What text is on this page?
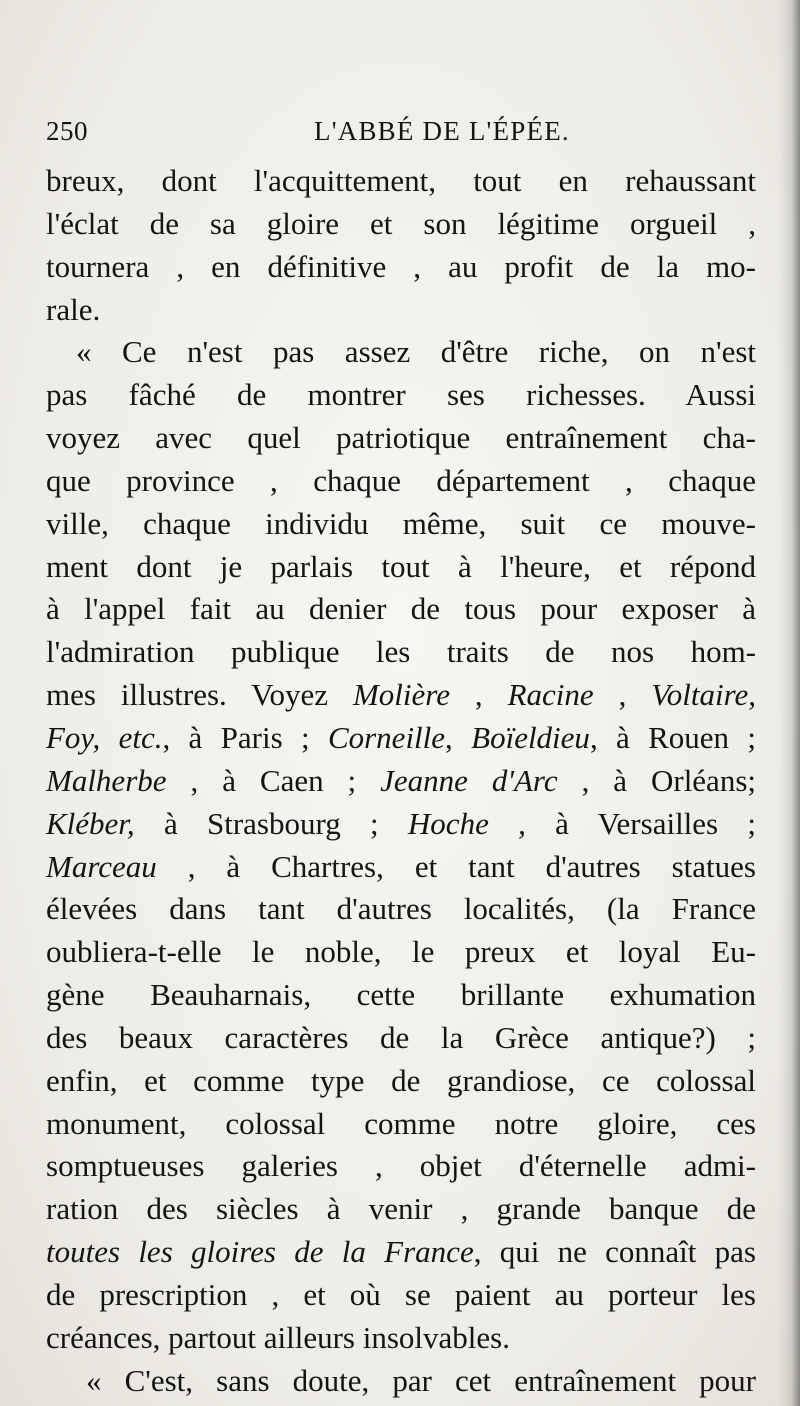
250	L'ABBÉ DE L'ÉPÉE.
breux, dont l'acquittement, tout en rehaussant
l'éclat de sa gloire et son légitime orgueil ,
tournera , en définitive , au profit de la mo-
rale.
« Ce n'est pas assez d'être riche, on n'est
pas fâché de montrer ses richesses. Aussi
voyez avec quel patriotique entraînement cha-
que province , chaque département , chaque
ville, chaque individu même, suit ce mouve-
ment dont je parlais tout à l'heure, et répond
à l'appel fait au denier de tous pour exposer à
l'admiration publique les traits de nos hom-
mes illustres. Voyez Molière , Racine , Voltaire,
Foy, etc., à Paris ; Corneille, Boïeldieu, à Rouen ;
Malherbe , à Caen ; Jeanne d'Arc , à Orléans;
Kléber, à Strasbourg ; Hoche , à Versailles ;
Marceau , à Chartres, et tant d'autres statues
élevées dans tant d'autres localités, (la France
oubliera-t-elle le noble, le preux et loyal Eu-
gène Beauharnais, cette brillante exhumation
des beaux caractères de la Grèce antique?) ;
enfin, et comme type de grandiose, ce colossal
monument, colossal comme notre gloire, ces
somptueuses galeries , objet d'éternelle admi-
ration des siècles à venir , grande banque de
toutes les gloires de la France, qui ne connaît pas
de prescription , et où se paient au porteur les
créances, partout ailleurs insolvables.
« C'est, sans doute, par cet entraînement pour
